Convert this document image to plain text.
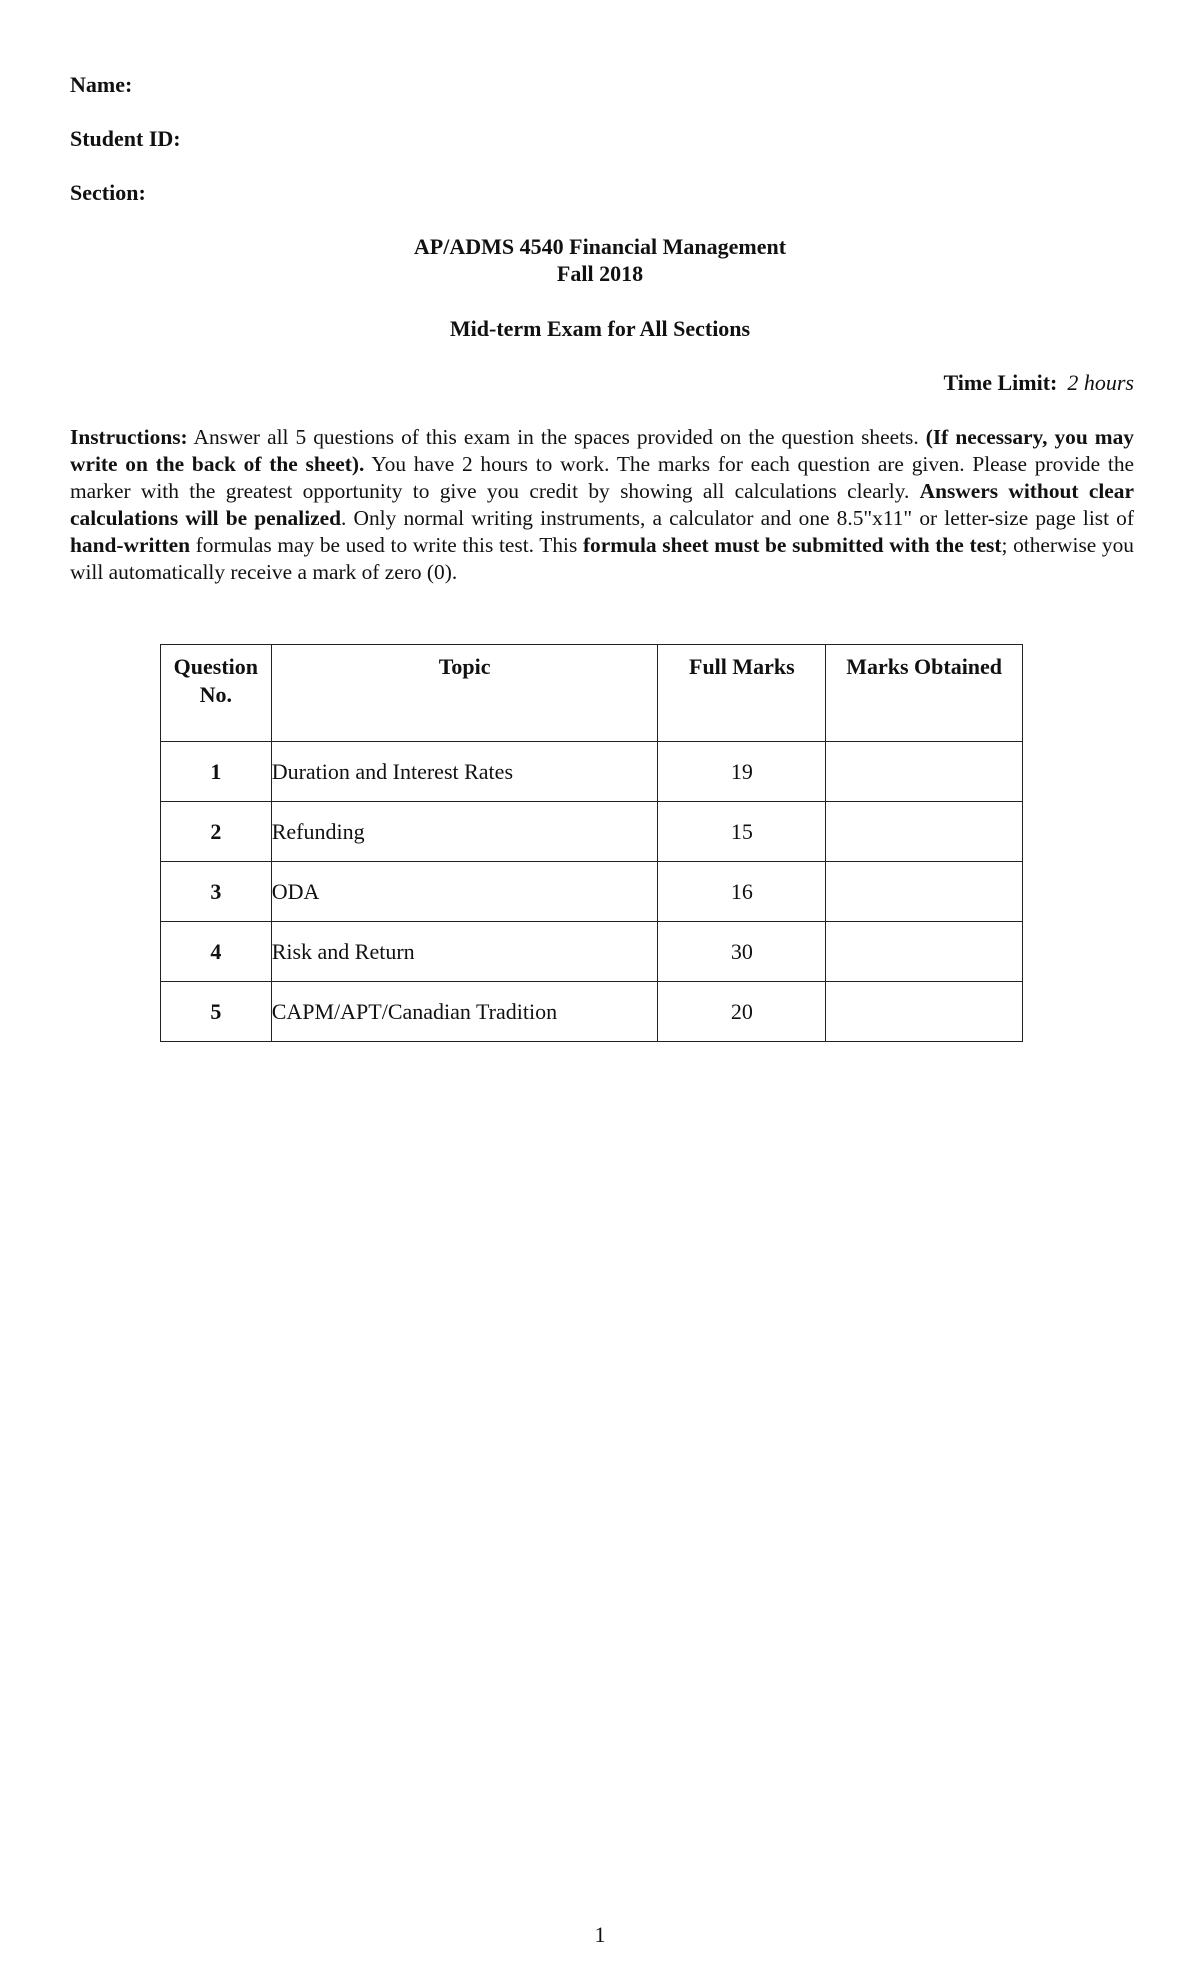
Name:

Student ID:

Section:

AP/ADMS 4540 Financial Management

Fall 2018

Mid-term Exam for All Sections

Time Limit: 2 hours

Instructions: Answer all 5 questions of this exam in the spaces provided on the question sheets. (If necessary, you may write on the back of the sheet). You have 2 hours to work. The marks for each question are given. Please provide the marker with the greatest opportunity to give you credit by showing all calculations clearly. Answers without clear calculations will be penalized. Only normal writing instruments, a calculator and one 8.5"x11" or letter-size page list of hand-written formulas may be used to write this test. This formula sheet must be submitted with the test; otherwise you will automatically receive a mark of zero (0).

Question No.	Topic	Full Marks	Marks Obtained
1	Duration and Interest Rates	19	
2	Refunding	15	
3	ODA	16	
4	Risk and Return	30	
5	CAPM/APT/Canadian Tradition	20	

1
